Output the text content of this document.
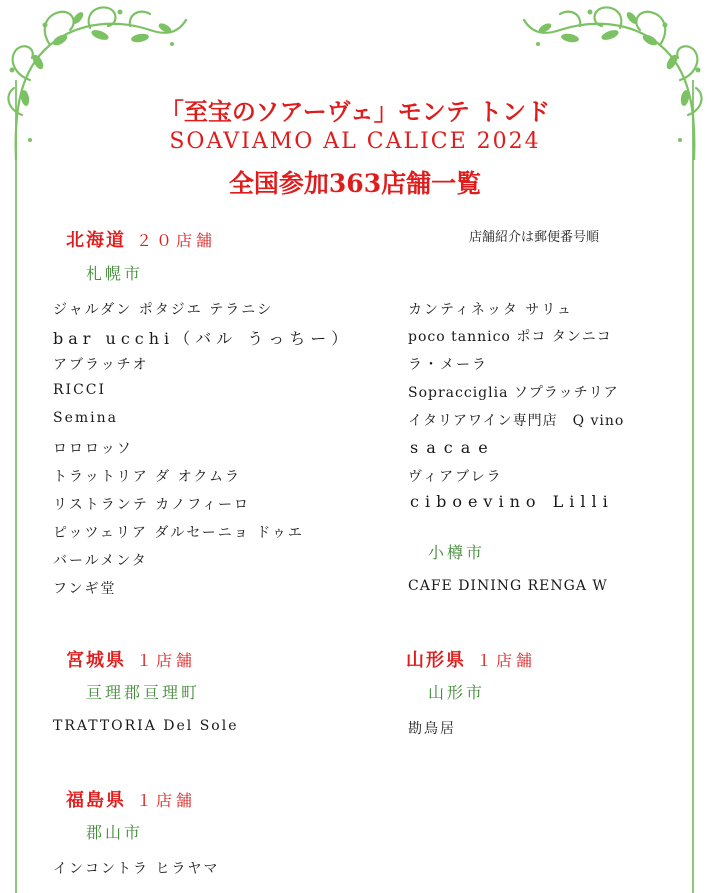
「至宝のソアーヴェ」モンテ トンド
SOAVIAMO AL CALICE 2024
全国参加363店舗一覧
北海道 ２０店舗	店舗紹介は郵便番号順
札幌市
ジャルダン ポタジエ テラニシ
bar ucchi（バル うっちー）
アブラッチオ
RICCI
Semina
ロロロッソ
トラットリア ダ オクムラ
リストランテ カノフィーロ
ピッツェリア ダルセーニョ ドゥエ
バールメンタ
フンギ堂
カンティネッタ サリュ
poco tannico ポコ タンニコ
ラ・メーラ
Sopracciglia ソプラッチリア
イタリアワイン専門店　Q vino
sacae
ヴィアブレラ
ciboevino Lilli
小樽市
CAFE DINING RENGA W
宮城県 １店舗
亘理郡亘理町
TRATTORIA Del Sole
山形県 １店舗
山形市
勘鳥居
福島県 １店舗
郡山市
インコントラ ヒラヤマ
